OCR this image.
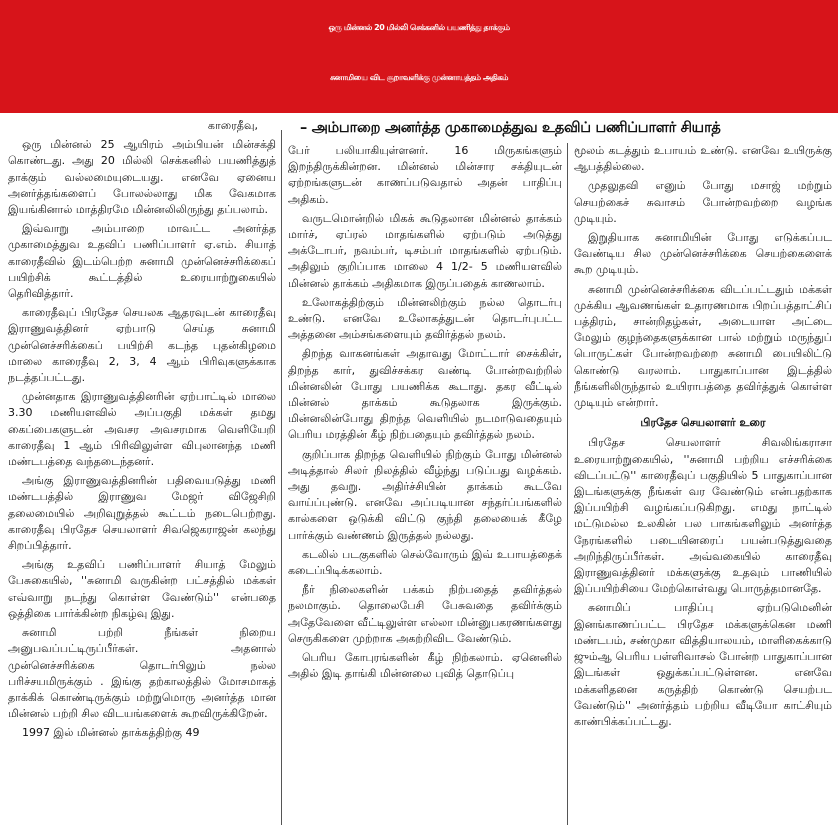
ஒரு மின்னல் 20 மில்லி செக்கனில் பயணித்து தாக்கும்
சுனாமியை விட சூறாவளிக்கு முன்னாயத்தம் அதிகம்
– அம்பாறை அனர்த்த முகாமைத்துவ உதவிப் பணிப்பாளர் சியாத்

காரைதீவு,

ஒரு மின்னல் 25 ஆயிரம் அம்பியன் மின்சக்தி கொண்டது. அது 20 மில்லி செக்கனில் பயணித்துத் தாக்கும் வல்லமையுடையது. எனவே ஏனைய அனர்த்தங்களைப் போலல்லாது மிக வேகமாக இயங்கினால் மாத்திரமே மின்னலிலிருந்து தப்பலாம்.

இவ்வாறு அம்பாறை மாவட்ட அனர்த்த முகாமைத்துவ உதவிப் பணிப்பாளர் ஏ.எம். சியாத் காரைதீவில் இடம்பெற்ற சுனாமி முன்னெச்சரிக்கைப் பயிற்சிக் கூட்டத்தில் உரையாற்றுகையில் தெரிவித்தார்.

காரைதீவுப் பிரதேச செயலக ஆதரவுடன் காரைதீவு இராணுவத்தினர் ஏற்பாடு செய்த சுனாமி முன்னெச்சரிக்கைப் பயிற்சி கடந்த புதன்கிழமை மாலை காரைதீவு 2, 3, 4 ஆம் பிரிவுகளுக்காக நடத்தப்பட்டது.

முன்னதாக இராணுவத்தினரின் ஏற்பாட்டில் மாலை 3.30 மணியளவில் அப்பகுதி மக்கள் தமது கைப்பைகளுடன் அவசர அவசரமாக வெளியேறி காரைதீவு 1 ஆம் பிரிவிலுள்ள விபுலானந்த மணி மண்டபத்தை வந்தடைந்தனர்.

அங்கு இராணுவத்தினரின் பதிவையடுத்து மணி மண்டபத்தில் இராணுவ மேஜர் விஜேசிறி தலைமையில் அறிவுறுத்தல் கூட்டம் நடைபெற்றது. காரைதீவு பிரதேச செயலாளர் சிவஜெகராஜன் கலந்து சிறப்பித்தார்.

அங்கு உதவிப் பணிப்பாளர் சியாத் மேலும் பேசுகையில், ''சுனாமி வருகின்ற பட்சத்தில் மக்கள் எவ்வாறு நடந்து கொள்ள வேண்டும்'' என்பதை ஒத்திகை பார்க்கின்ற நிகழ்வு இது.

சுனாமி பற்றி நீங்கள் நிறைய அனுபவப்பட்டிருப்பீர்கள். அதனால் முன்னெச்சரிக்கை தொடர்பிலும் நல்ல பரிச்சயமிருக்கும் . இங்கு தற்காலத்தில் மோசமாகத் தாக்கிக் கொண்டிருக்கும் மற்றுமொரு அனர்த்த மான மின்னல் பற்றி சில விடயங்களைக் கூறவிருக்கிறேன்.

1997 இல் மின்னல் தாக்கத்திற்கு 49

பேர் பலியாகியுள்ளனர். 16 மிருகங்களும் இறந்திருக்கின்றன. மின்னல் மின்சார சக்தியுடன் ஏற்றங்களுடன் காணப்படுவதால் அதன் பாதிப்பு அதிகம்.

வருடமொன்றில் மிகக் கூடுதலான மின்னல் தாக்கம் மார்ச், ஏப்ரல் மாதங்களில் ஏற்படும் அடுத்து அக்டோபர், நவம்பர், டிசம்பர் மாதங்களில் ஏற்படும். அதிலும் குறிப்பாக மாலை 4 1/2- 5 மணியளவில் மின்னல் தாக்கம் அதிகமாக இருப்பதைக் காணலாம்.

உலோகத்திற்கும் மின்னலிற்கும் நல்ல தொடர்பு உண்டு. எனவே உலோகத்துடன் தொடர்புபட்ட அத்தனை அம்சங்களையும் தவிர்த்தல் நலம்.

திறந்த வாகனங்கள் அதாவது மோட்டார் சைக்கிள், திறந்த கார், துவிச்சக்கர வண்டி போன்றவற்றில் மின்னலின் போது பயணிக்க கூடாது. தகர வீட்டில் மின்னல் தாக்கம் கூடுதலாக இருக்கும். மின்னலின்போது திறந்த வெளியில் நடமாடுவதையும் பெரிய மரத்தின் கீழ் நிற்பதையும் தவிர்த்தல் நலம்.

குறிப்பாக திறந்த வெளியில் நிற்கும் போது மின்னல் அடித்தால் சிலர் நிலத்தில் வீழ்ந்து படுப்பது வழக்கம். அது தவறு. அதிர்ச்சியின் தாக்கம் கூடவே வாய்ப்புண்டு. எனவே அப்படியான சந்தர்ப்பங்களில் கால்களை ஒடுக்கி விட்டு குந்தி தலையைக் கீழே பார்க்கும் வண்ணம் இருத்தல் நல்லது.

கடலில் படகுகளில் செல்வோரும் இவ் உபாயத்தைக் கடைப்பிடிக்கலாம்.

நீர் நிலைகளின் பக்கம் நிற்பதைத் தவிர்த்தல் நலமாகும். தொலைபேசி பேசுவதை தவிர்க்கும் அதேவேளை வீட்டிலுள்ள எல்லா மின்னுபகரணங்களது செருகிகளை முற்றாக அகற்றிவிட வேண்டும்.

பெரிய கோபுரங்களின் கீழ் நிற்கலாம். ஏனெனில் அதில் இடி தாங்கி மின்னலை புவித் தொடுப்பு

மூலம் கடத்தும் உபாயம் உண்டு. எனவே உயிருக்கு ஆபத்தில்லை.

முதலுதவி எனும் போது மசாஜ் மற்றும் செயற்கைச் சுவாசம் போன்றவற்றை வழங்க முடியும்.

இறுதியாக சுனாமியின் போது எடுக்கப்பட வேண்டிய சில முன்னெச்சரிக்கை செயற்கைளைக் கூற முடியும்.

சுனாமி முன்னெச்சரிக்கை விடப்பட்டதும் மக்கள் முக்கிய ஆவணங்கள் உதாரணமாக பிறப்பத்தாட்சிப் பத்திரம், சான்றிதழ்கள், அடையாள அட்டை மேலும் குழந்தைகளுக்கான பால் மற்றும் மருந்துப் பொருட்கள் போன்றவற்றை சுனாமி பையிலிட்டு கொண்டு வரலாம். பாதுகாப்பான இடத்தில் நீங்களிலிருந்தால் உயிராபத்தை தவிர்த்துக் கொள்ள முடியும் என்றார்.

பிரதேச செயலாளர் உரை

பிரதேச செயலாளர் சிவலிங்கராசா உரையாற்றுகையில், ''சுனாமி பற்றிய எச்சரிக்கை விடப்பட்டு'' காரைதீவுப் பகுதியில் 5 பாதுகாப்பான இடங்களுக்கு நீங்கள் வர வேண்டும் என்பதற்காக இப்பயிற்சி வழங்கப்படுகிறது. எமது நாட்டில் மட்டுமல்ல உலகின் பல பாகங்களிலும் அனர்த்த நேரங்களில் படையினரைப் பயன்படுத்துவதை அறிந்திருப்பீர்கள். அவ்வகையில் காரைதீவு இராணுவத்தினர் மக்களுக்கு உதவும் பாணியில் இப்பயிற்சியை மேற்கொள்வது பொருத்தமானதே.

சுனாமிப் பாதிப்பு ஏற்படுமெனின் இனங்காணப்பட்ட பிரதேச மக்களுக்கென மணி மண்டபம், சண்முகா வித்தியாலயம், மாளிகைக்காடு ஜும்ஆ பெரிய பள்ளிவாசல் போன்ற பாதுகாப்பான இடங்கள் ஒதுக்கப்பட்டுள்ளன. எனவே மக்களிதனை கருத்திற் கொண்டு செயற்பட வேண்டும்'' அனர்த்தம் பற்றிய வீடியோ காட்சியும் காண்பிக்கப்பட்டது.
